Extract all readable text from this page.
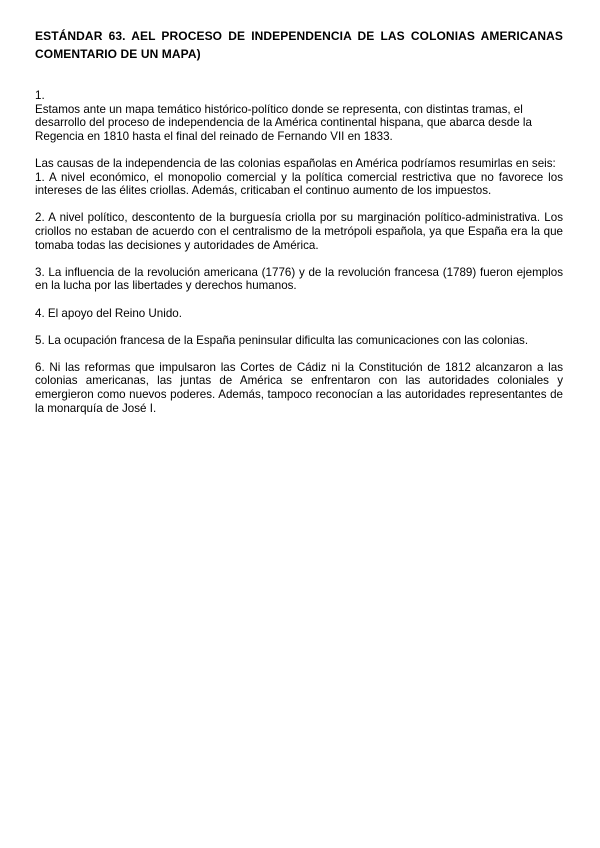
ESTÁNDAR 63. AEL PROCESO DE INDEPENDENCIA DE LAS COLONIAS AMERICANAS COMENTARIO DE UN MAPA)
1.
Estamos ante un mapa temático histórico-político donde se representa, con distintas tramas, el desarrollo del proceso de independencia de la América continental hispana, que abarca desde la Regencia en 1810 hasta el final del reinado de Fernando VII en 1833.
Las causas de la independencia de las colonias españolas en América podríamos resumirlas en seis:
1. A nivel económico, el monopolio comercial y la política comercial restrictiva que no favorece los intereses de las élites criollas. Además, criticaban el continuo aumento de los impuestos.

2. A nivel político, descontento de la burguesía criolla por su marginación político-administrativa. Los criollos no estaban de acuerdo con el centralismo de la metrópoli española, ya que España era la que tomaba todas las decisiones y autoridades de América.

3. La influencia de la revolución americana (1776) y de la revolución francesa (1789) fueron ejemplos en la lucha por las libertades y derechos humanos.

4. El apoyo del Reino Unido.

5. La ocupación francesa de la España peninsular dificulta las comunicaciones con las colonias.

6. Ni las reformas que impulsaron las Cortes de Cádiz ni la Constitución de 1812 alcanzaron a las colonias americanas, las juntas de América se enfrentaron con las autoridades coloniales y emergieron como nuevos poderes. Además, tampoco reconocían a las autoridades representantes de la monarquía de José I.
